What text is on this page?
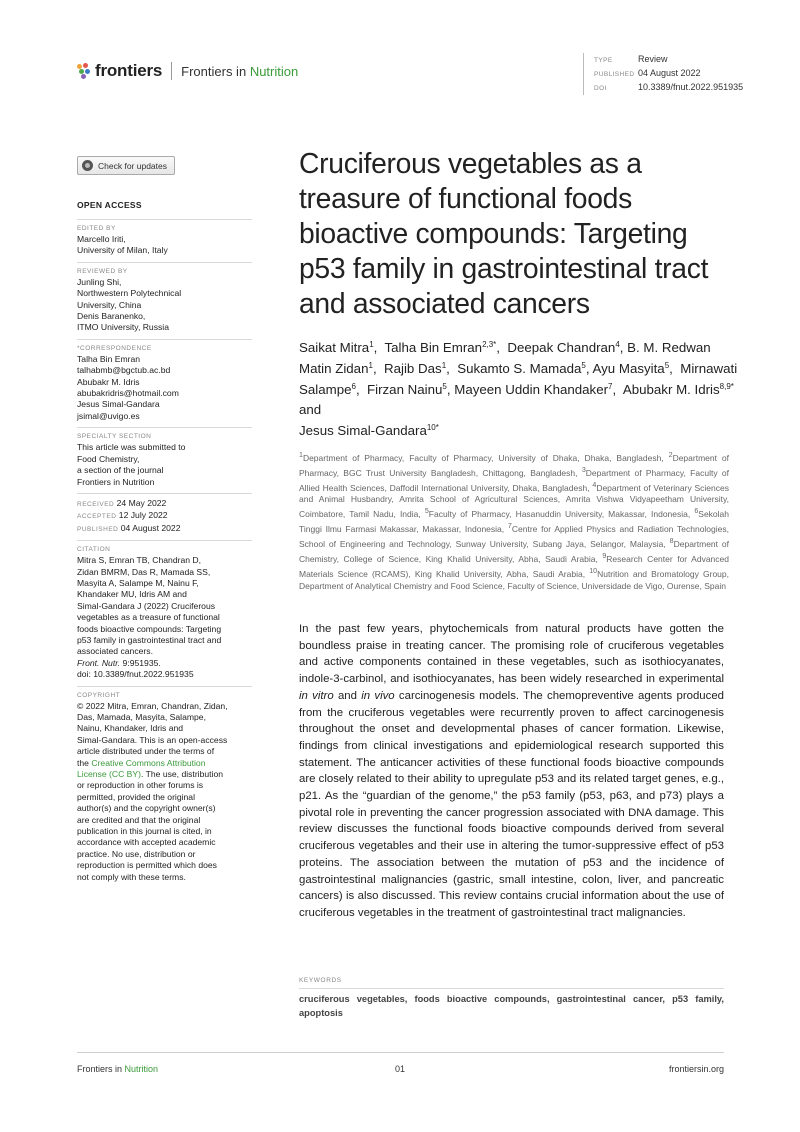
frontiers Frontiers in Nutrition
TYPE	Review
PUBLISHED 04 August 2022
DOI	10.3389/fnut.2022.951935
Check for updates
OPEN ACCESS
EDITED BY
Marcello Iriti,
University of Milan, Italy
REVIEWED BY
Junling Shi,
Northwestern Polytechnical
University, China
Denis Baranenko,
ITMO University, Russia
*CORRESPONDENCE
Talha Bin Emran
talhabmb@bgctub.ac.bd
Abubakr M. Idris
abubakridris@hotmail.com
Jesus Simal-Gandara
jsimal@uvigo.es
SPECIALTY SECTION
This article was submitted to
Food Chemistry,
a section of the journal
Frontiers in Nutrition
RECEIVED 24 May 2022
ACCEPTED 12 July 2022
PUBLISHED 04 August 2022
CITATION
Mitra S, Emran TB, Chandran D,
Zidan BMRM, Das R, Mamada SS,
Masyita A, Salampe M, Nainu F,
Khandaker MU, Idris AM and
Simal-Gandara J (2022) Cruciferous
vegetables as a treasure of functional
foods bioactive compounds: Targeting
p53 family in gastrointestinal tract and
associated cancers.
Front. Nutr. 9:951935.
doi: 10.3389/fnut.2022.951935
COPYRIGHT
© 2022 Mitra, Emran, Chandran, Zidan,
Das, Mamada, Masyita, Salampe,
Nainu, Khandaker, Idris and
Simal-Gandara. This is an open-access
article distributed under the terms of
the Creative Commons Attribution
License (CC BY). The use, distribution
or reproduction in other forums is
permitted, provided the original
author(s) and the copyright owner(s)
are credited and that the original
publication in this journal is cited, in
accordance with accepted academic
practice. No use, distribution or
reproduction is permitted which does
not comply with these terms.
Cruciferous vegetables as a treasure of functional foods bioactive compounds: Targeting p53 family in gastrointestinal tract and associated cancers
Saikat Mitra$^1$,  Talha Bin Emran$^{2,3*}$,  Deepak Chandran$^4$, B. M. Redwan Matin Zidan$^1$,  Rajib Das$^1$,  Sukamto S. Mamada$^5$, Ayu Masyita$^5$,  Mirnawati Salampe$^6$,  Firzan Nainu$^5$, Mayeen Uddin Khandaker$^7$,  Abubakr M. Idris$^{8,9*}$ and
Jesus Simal-Gandara$^{10*}$
$^1$Department of Pharmacy, Faculty of Pharmacy, University of Dhaka, Dhaka, Bangladesh, $^2$Department of Pharmacy, BGC Trust University Bangladesh, Chittagong, Bangladesh, $^3$Department of Pharmacy, Faculty of Allied Health Sciences, Daffodil International University, Dhaka, Bangladesh, $^4$Department of Veterinary Sciences and Animal Husbandry, Amrita School of Agricultural Sciences, Amrita Vishwa Vidyapeetham University, Coimbatore, Tamil Nadu, India, $^5$Faculty of Pharmacy, Hasanuddin University, Makassar, Indonesia, $^6$Sekolah Tinggi Ilmu Farmasi Makassar, Makassar, Indonesia, $^7$Centre for Applied Physics and Radiation Technologies, School of Engineering and Technology, Sunway University, Subang Jaya, Selangor, Malaysia, $^8$Department of Chemistry, College of Science, King Khalid University, Abha, Saudi Arabia, $^9$Research Center for Advanced Materials Science (RCAMS), King Khalid University, Abha, Saudi Arabia, $^{10}$Nutrition and Bromatology Group, Department of Analytical Chemistry and Food Science, Faculty of Science, Universidade de Vigo, Ourense, Spain
In the past few years, phytochemicals from natural products have gotten the boundless praise in treating cancer. The promising role of cruciferous vegetables and active components contained in these vegetables, such as isothiocyanates, indole-3-carbinol, and isothiocyanates, has been widely researched in experimental in vitro and in vivo carcinogenesis models. The chemopreventive agents produced from the cruciferous vegetables were recurrently proven to affect carcinogenesis throughout the onset and developmental phases of cancer formation. Likewise, findings from clinical investigations and epidemiological research supported this statement. The anticancer activities of these functional foods bioactive compounds are closely related to their ability to upregulate p53 and its related target genes, e.g., p21. As the “guardian of the genome,” the p53 family (p53, p63, and p73) plays a pivotal role in preventing the cancer progression associated with DNA damage. This review discusses the functional foods bioactive compounds derived from several cruciferous vegetables and their use in altering the tumor-suppressive effect of p53 proteins. The association between the mutation of p53 and the incidence of gastrointestinal malignancies (gastric, small intestine, colon, liver, and pancreatic cancers) is also discussed. This review contains crucial information about the use of cruciferous vegetables in the treatment of gastrointestinal tract malignancies.
KEYWORDS
cruciferous vegetables, foods bioactive compounds, gastrointestinal cancer, p53 family, apoptosis
Frontiers in Nutrition	01	frontiersin.org
